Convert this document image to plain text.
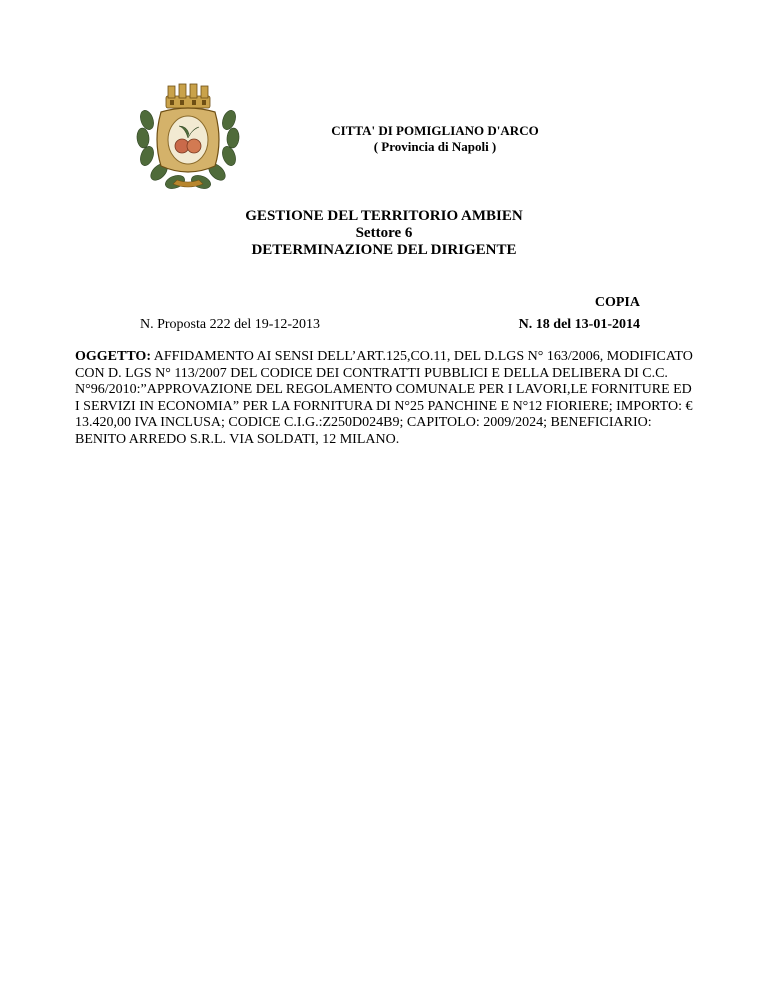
CITTA' DI POMIGLIANO D'ARCO
( Provincia di Napoli )
GESTIONE DEL TERRITORIO AMBIEN
Settore 6
DETERMINAZIONE DEL DIRIGENTE
COPIA
N. Proposta 222 del 19-12-2013	N. 18 del 13-01-2014
OGGETTO: AFFIDAMENTO AI SENSI DELL’ART.125,CO.11, DEL D.LGS N° 163/2006, MODIFICATO CON D. LGS N° 113/2007 DEL CODICE DEI CONTRATTI PUBBLICI E DELLA DELIBERA DI C.C. N°96/2010:”APPROVAZIONE DEL REGOLAMENTO COMUNALE PER I LAVORI,LE FORNITURE ED I SERVIZI IN ECONOMIA” PER LA FORNITURA DI N°25 PANCHINE E N°12 FIORIERE; IMPORTO: € 13.420,00 IVA INCLUSA; CODICE C.I.G.:Z250D024B9; CAPITOLO: 2009/2024; BENEFICIARIO: BENITO ARREDO S.R.L. VIA SOLDATI, 12 MILANO.
